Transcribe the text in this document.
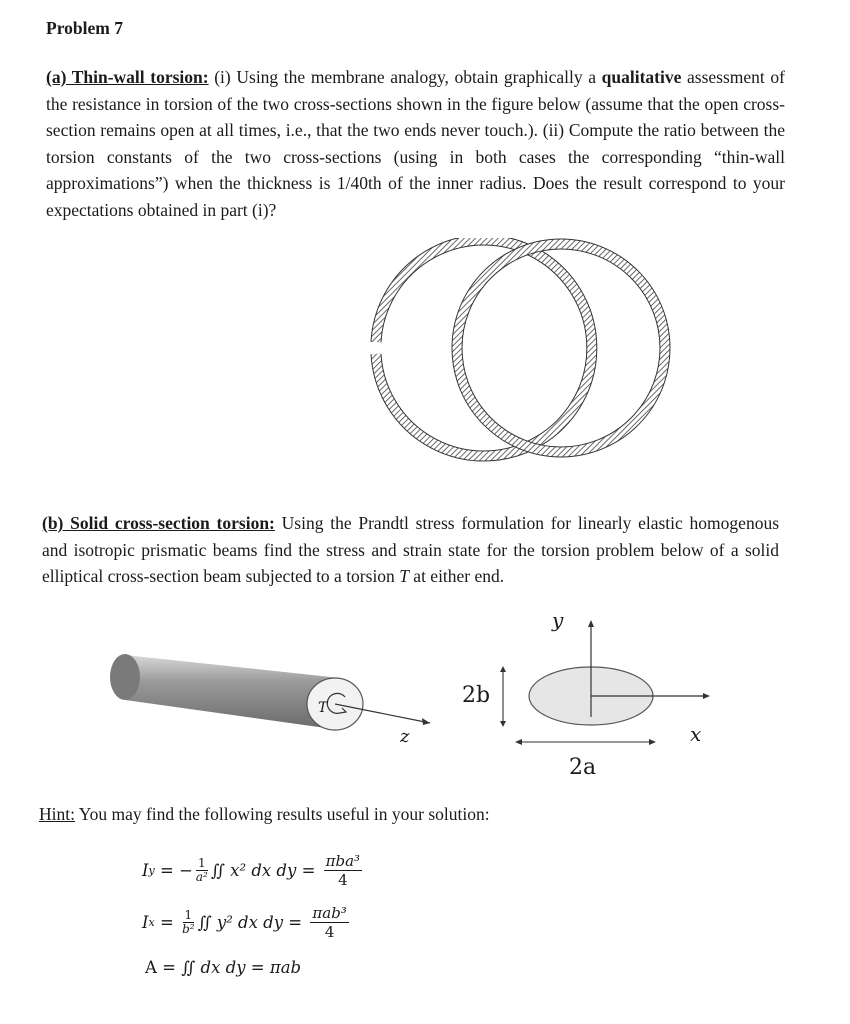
Problem 7
(a) Thin-wall torsion: (i) Using the membrane analogy, obtain graphically a qualitative assessment of the resistance in torsion of the two cross-sections shown in the figure below (assume that the open cross-section remains open at all times, i.e., that the two ends never touch.). (ii) Compute the ratio between the torsion constants of the two cross-sections (using in both cases the corresponding “thin-wall approximations”) when the thickness is 1/40th of the inner radius. Does the result correspond to your expectations obtained in part (i)?
(b) Solid cross-section torsion: Using the Prandtl stress formulation for linearly elastic homogenous and isotropic prismatic beams find the stress and strain state for the torsion problem below of a solid elliptical cross-section beam subjected to a torsion T at either end.
T
z
y
x
2b
2a
Hint: You may find the following results useful in your solution:
I y = − $\frac{1}{\text{a²}}$ ∬ x² dx dy = $\frac{\text{πba³}}{4}$
I $x = \frac{1}{\text{b²}}$ ∬ y² dx dy = $\frac{\text{πab³}}{4}$
A = ∬ dx dy = πab
